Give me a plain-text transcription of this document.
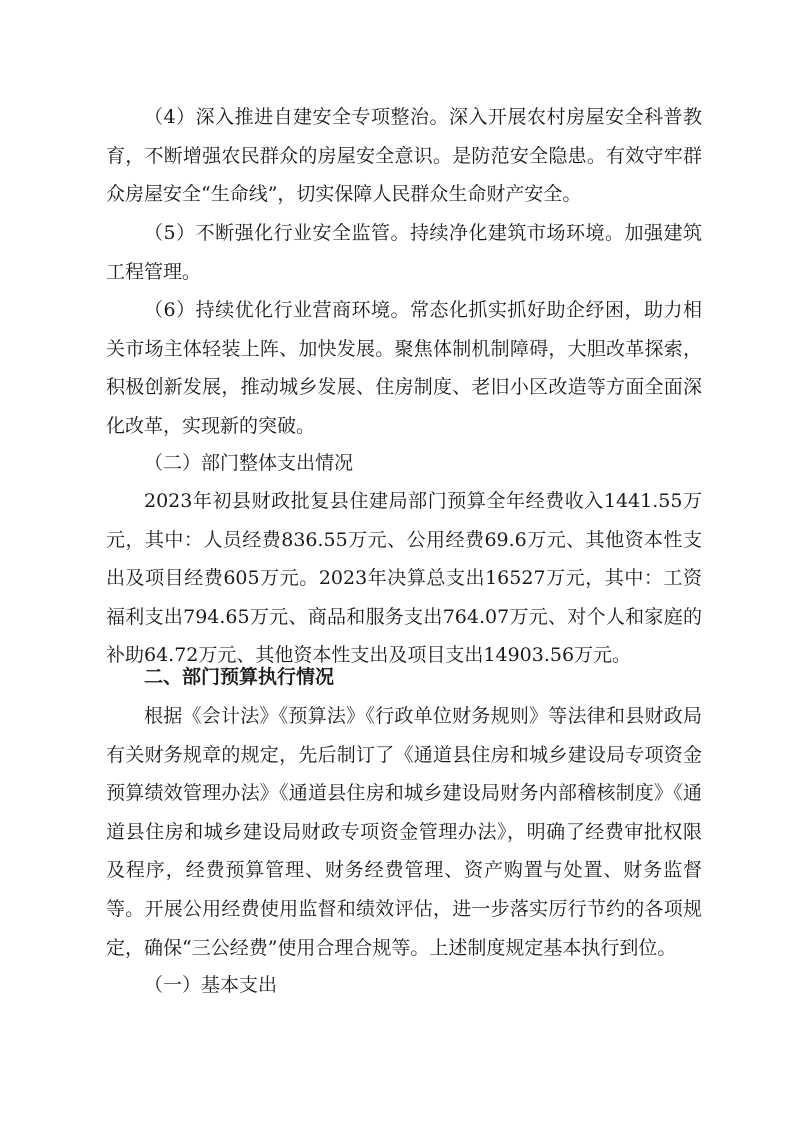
（4）深入推进自建安全专项整治。深入开展农村房屋安全科普教育，不断增强农民群众的房屋安全意识。是防范安全隐患。有效守牢群众房屋安全“生命线”，切实保障人民群众生命财产安全。

（5）不断强化行业安全监管。持续净化建筑市场环境。加强建筑工程管理。

（6）持续优化行业营商环境。常态化抓实抓好助企纾困，助力相关市场主体轻装上阵、加快发展。聚焦体制机制障碍，大胆改革探索，积极创新发展，推动城乡发展、住房制度、老旧小区改造等方面全面深化改革，实现新的突破。

（二）部门整体支出情况

2023年初县财政批复县住建局部门预算全年经费收入1441.55万元，其中：人员经费836.55万元、公用经费69.6万元、其他资本性支出及项目经费605万元。2023年决算总支出16527万元，其中：工资福利支出794.65万元、商品和服务支出764.07万元、对个人和家庭的补助64.72万元、其他资本性支出及项目支出14903.56万元。

二、部门预算执行情况

根据《会计法》《预算法》《行政单位财务规则》等法律和县财政局有关财务规章的规定，先后制订了《通道县住房和城乡建设局专项资金预算绩效管理办法》《通道县住房和城乡建设局财务内部稽核制度》《通道县住房和城乡建设局财政专项资金管理办法》，明确了经费审批权限及程序，经费预算管理、财务经费管理、资产购置与处置、财务监督等。开展公用经费使用监督和绩效评估，进一步落实厉行节约的各项规定，确保“三公经费”使用合理合规等。上述制度规定基本执行到位。

（一）基本支出
